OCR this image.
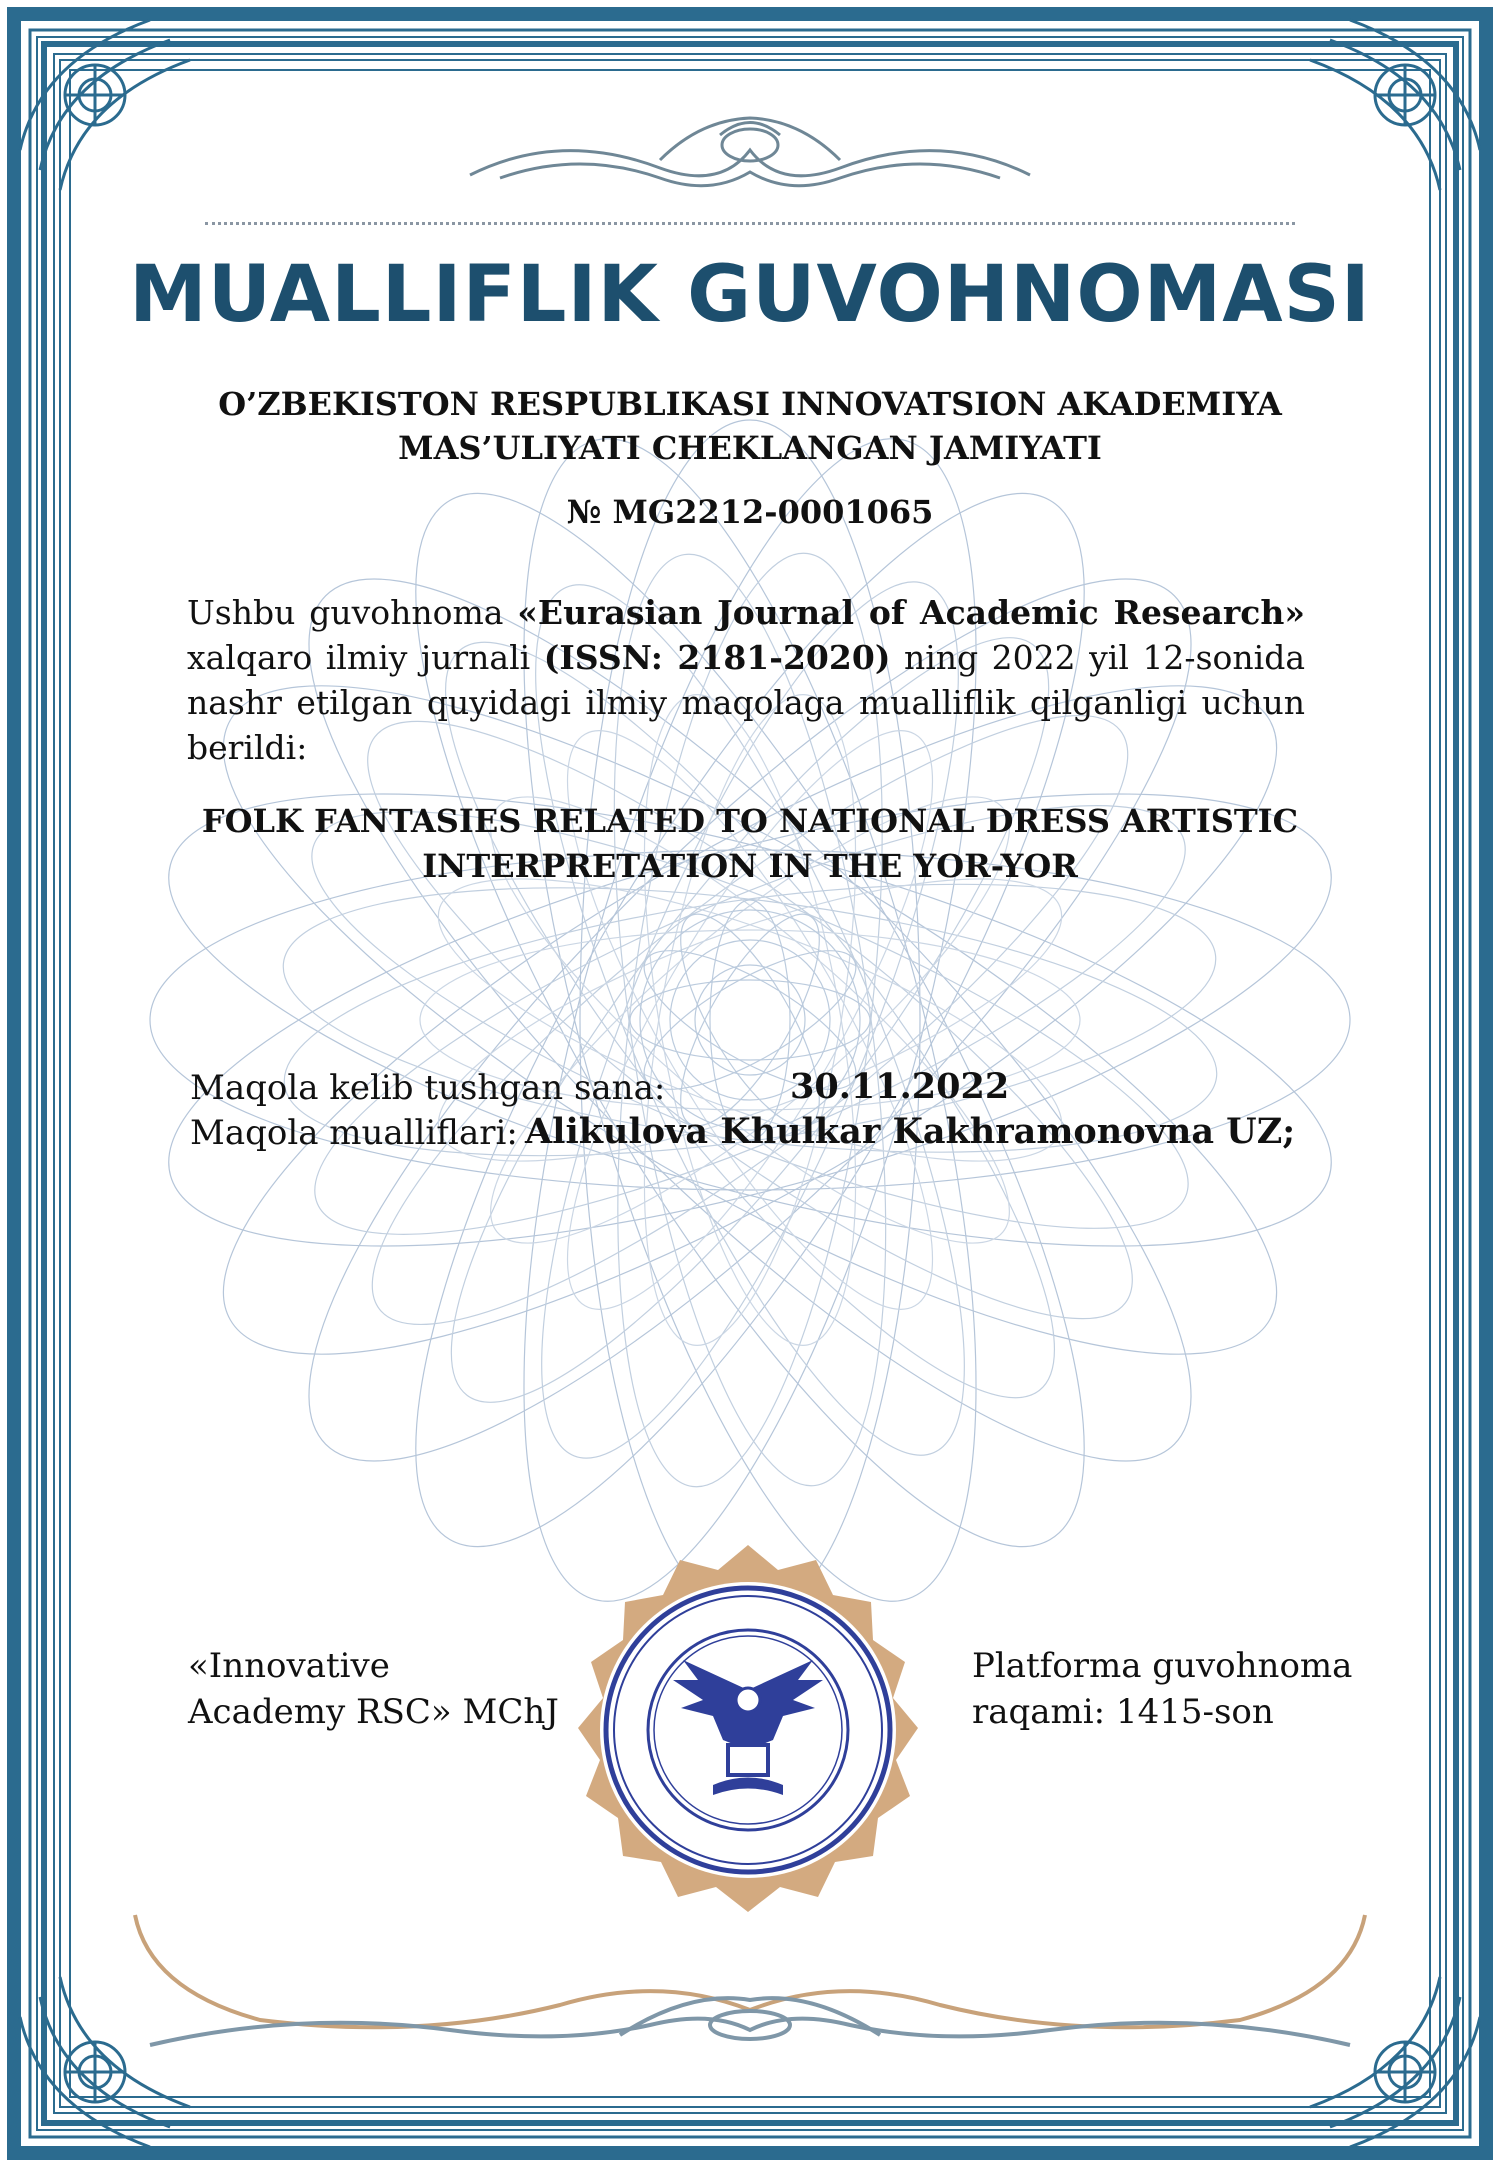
MUALLIFLIK GUVOHNOMASI
O’ZBEKISTON RESPUBLIKASI INNOVATSION AKADEMIYA
MAS’ULIYATI CHEKLANGAN JAMIYATI
№ MG2212-0001065
Ushbu guvohnoma «Eurasian Journal of Academic Research» xalqaro ilmiy jurnali (ISSN: 2181-2020) ning 2022 yil 12-sonida nashr etilgan quyidagi ilmiy maqolaga mualliflik qilganligi uchun berildi:
FOLK FANTASIES RELATED TO NATIONAL DRESS ARTISTIC
INTERPRETATION IN THE YOR-YOR
Maqola kelib tushgan sana:	30.11.2022
Maqola mualliflari: Alikulova Khulkar Kakhramonovna UZ;
«Innovative
Academy RSC» MChJ
Platforma guvohnoma
raqami: 1415-son
